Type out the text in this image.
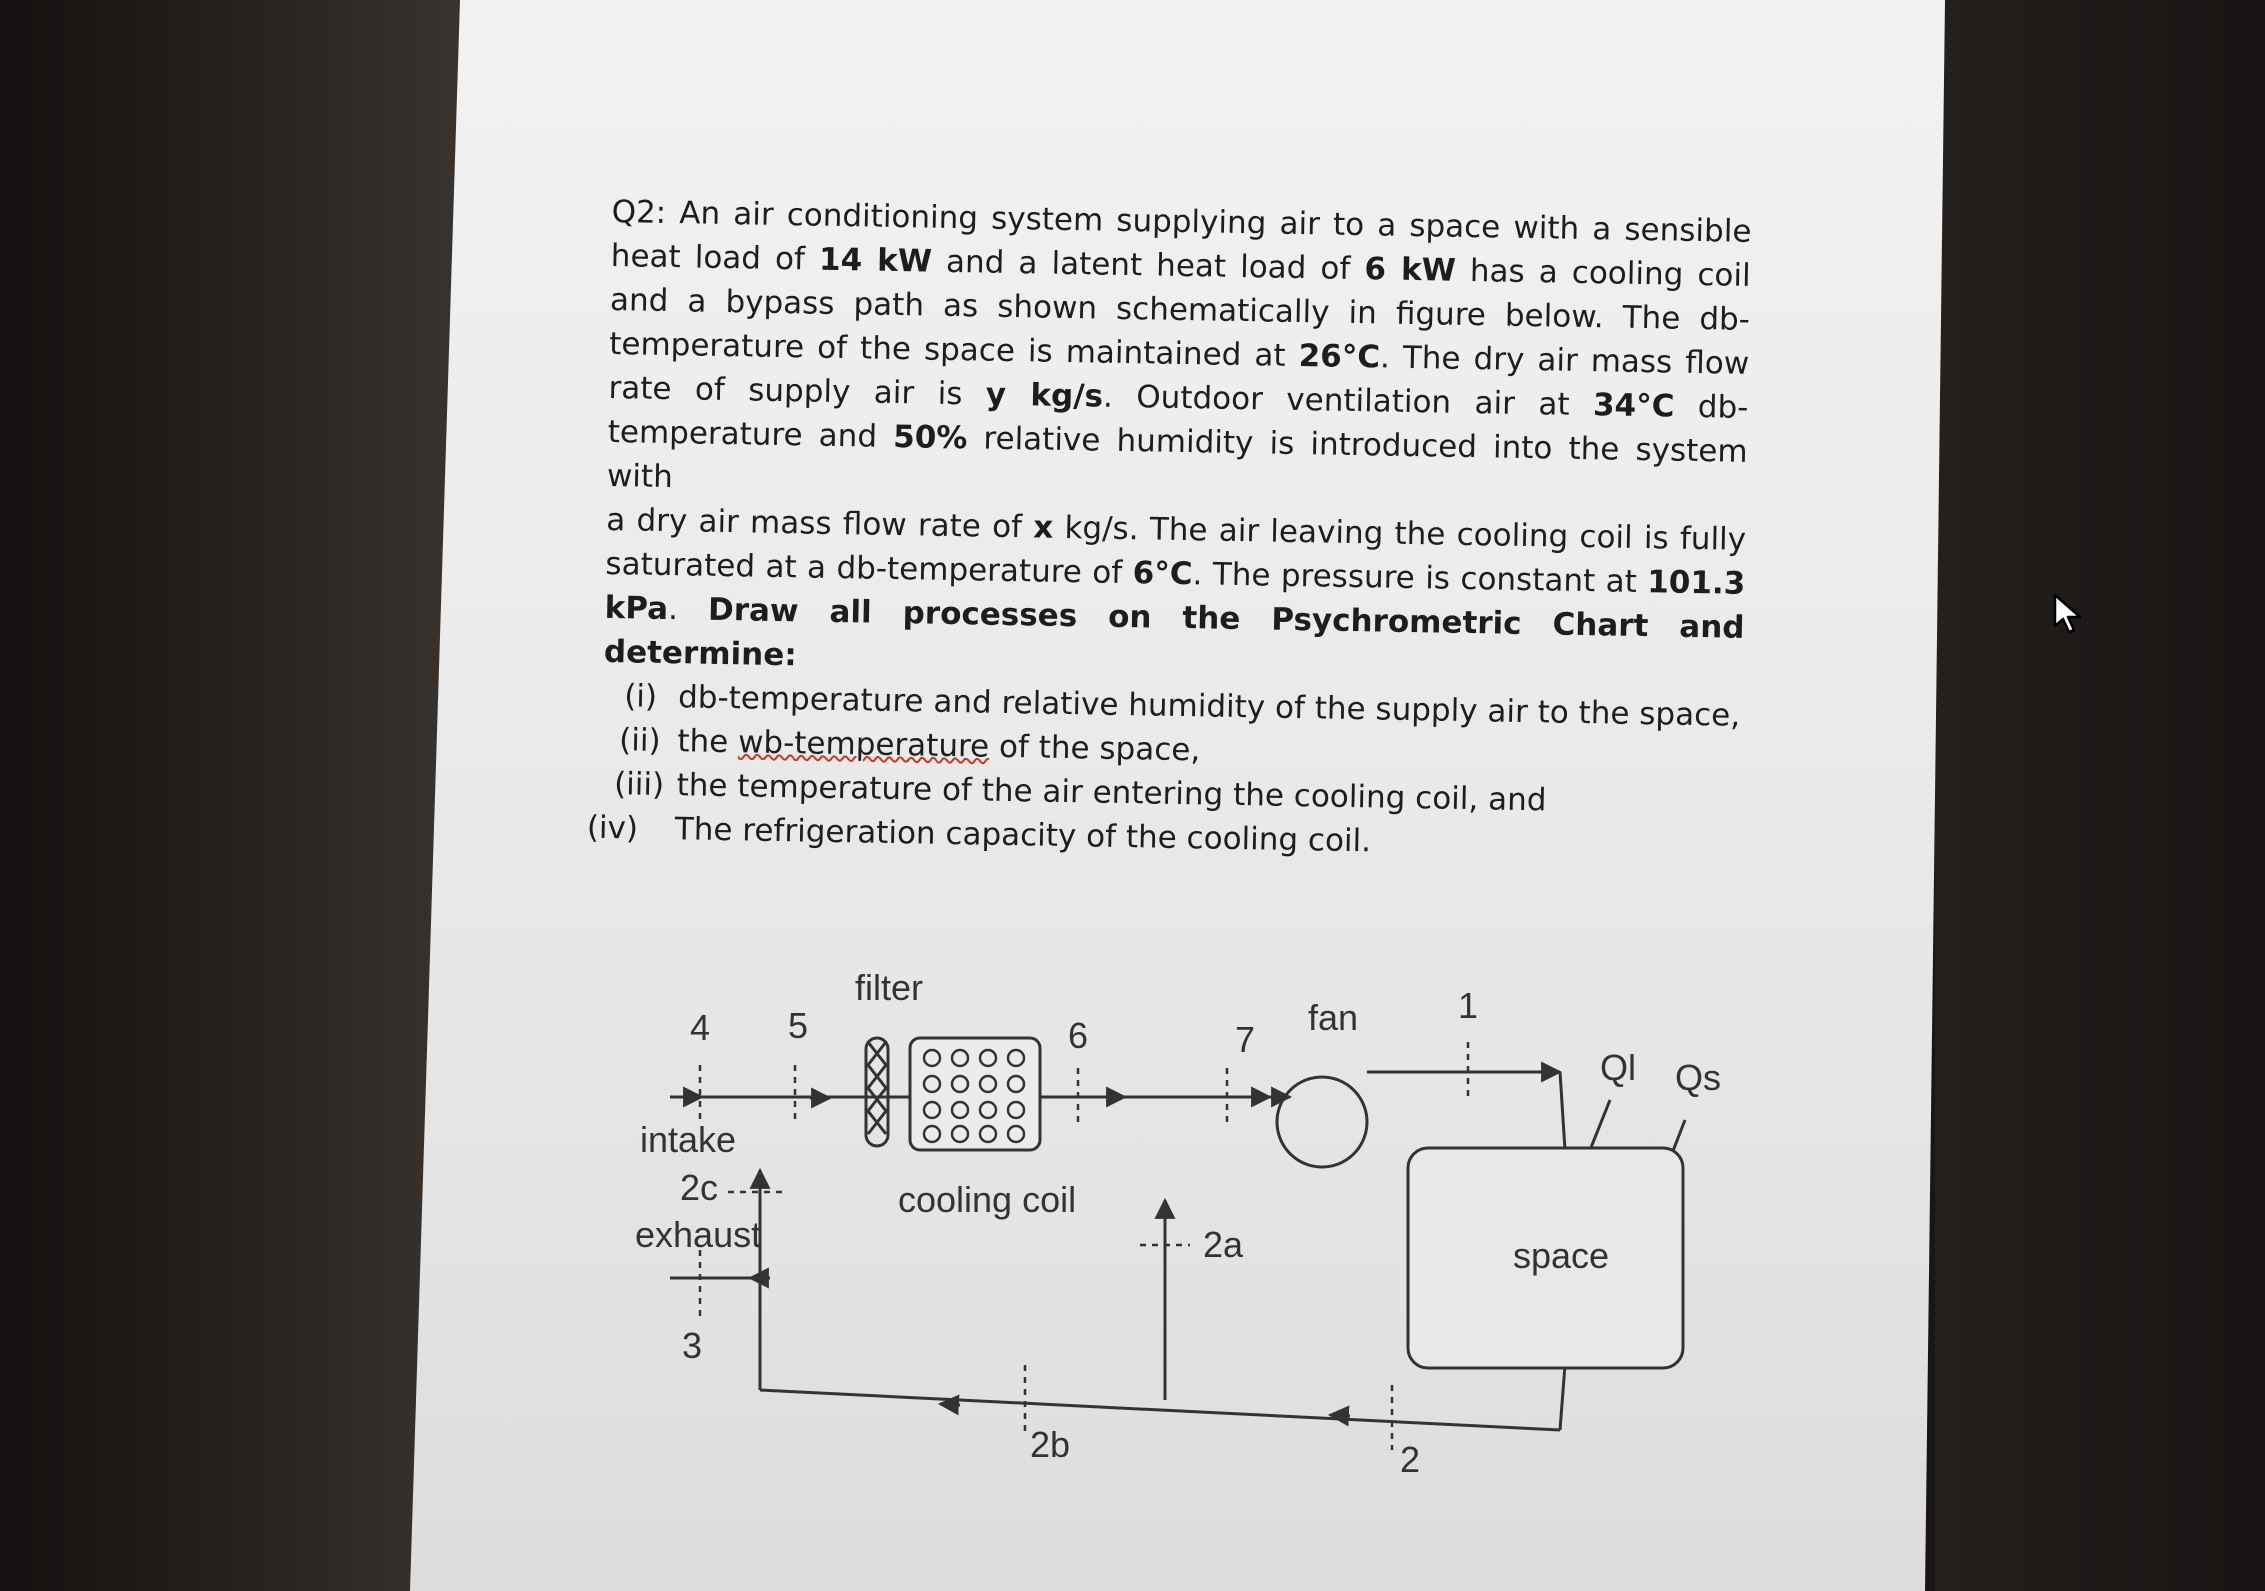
Q2: An air conditioning system supplying air to a space with a sensible heat load of 14 kW and a latent heat load of 6 kW has a cooling coil and a bypass path as shown schematically in figure below. The db-temperature of the space is maintained at 26°C. The dry air mass flow rate of supply air is y kg/s. Outdoor ventilation air at 34°C db-temperature and 50% relative humidity is introduced into the system with

a dry air mass flow rate of x kg/s. The air leaving the cooling coil is fully saturated at a db-temperature of 6°C. The pressure is constant at 101.3 kPa. Draw all processes on the Psychrometric Chart and determine:

(i) db-temperature and relative humidity of the supply air to the space,
(ii) the wb-temperature of the space,
(iii) the temperature of the air entering the cooling coil, and
(iv)	The refrigeration capacity of the cooling coil.
4 5
filter
6	7
fan	1
Ql Qs
intake
2c
exhaust
cooling coil
2a	space
3
2b	2
